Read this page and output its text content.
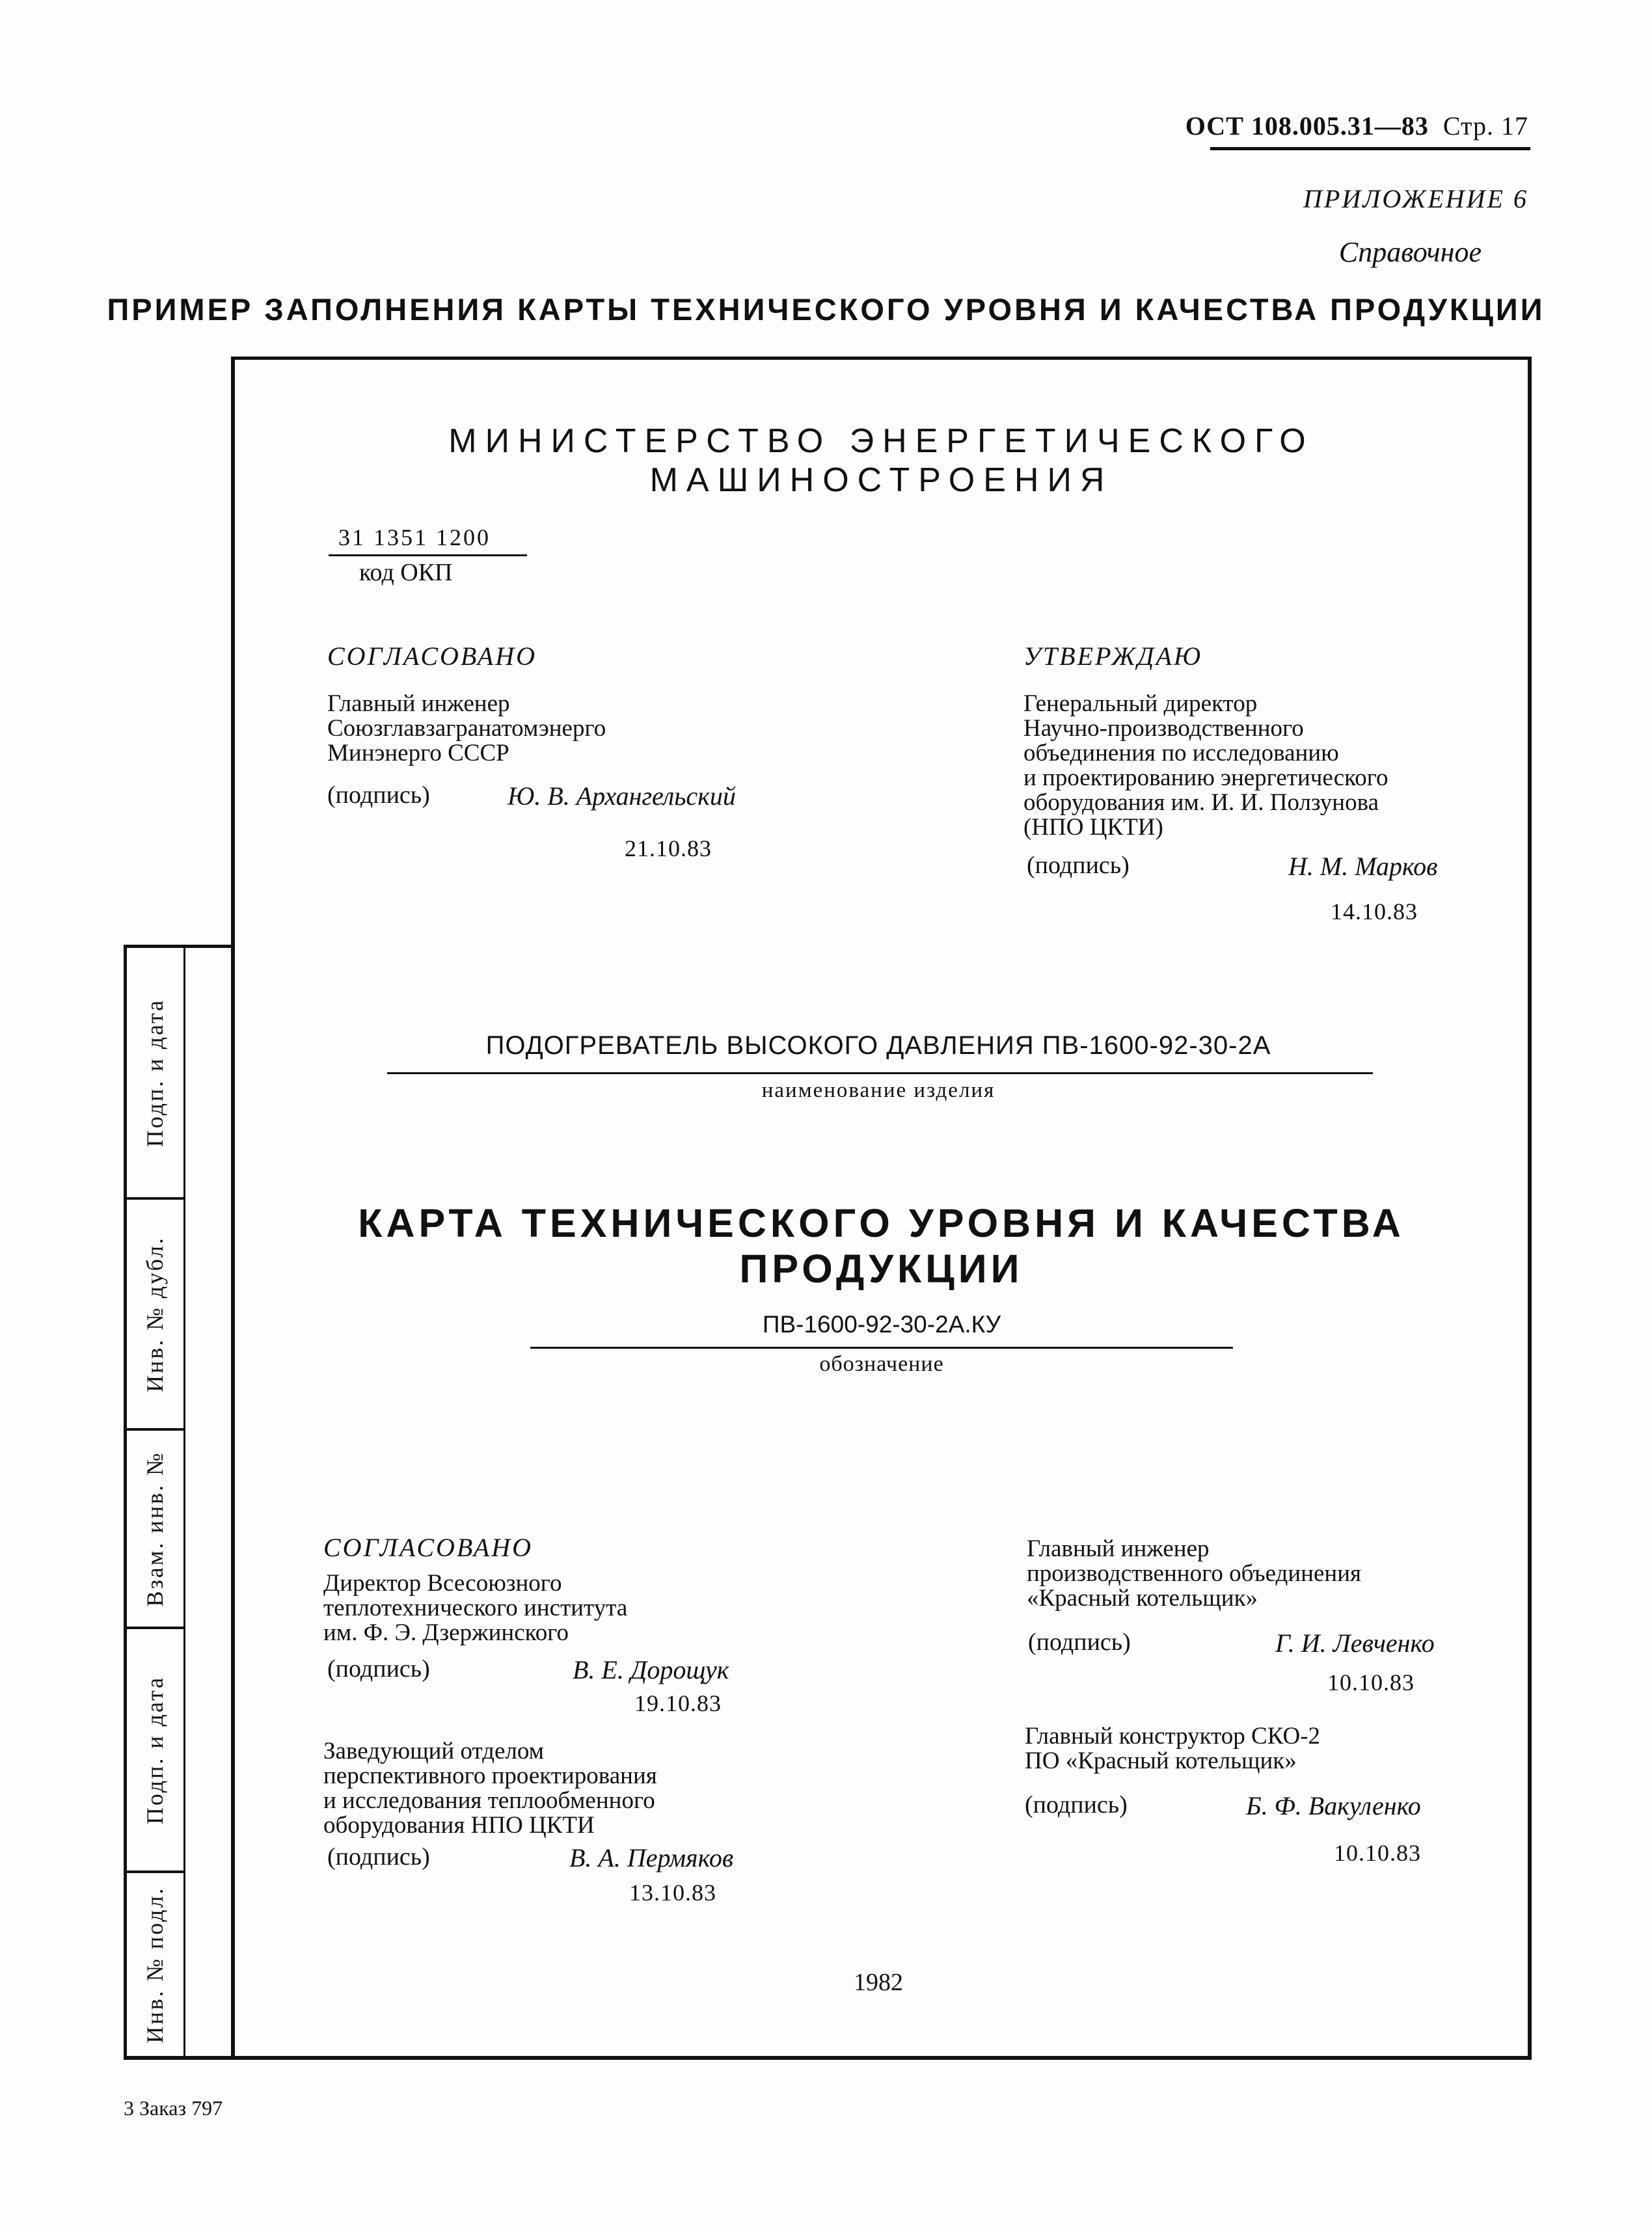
ОСТ 108.005.31—83 Стр. 17
ПРИЛОЖЕНИЕ 6
Справочное
ПРИМЕР ЗАПОЛНЕНИЯ КАРТЫ ТЕХНИЧЕСКОГО УРОВНЯ И КАЧЕСТВА ПРОДУКЦИИ
Подп. и дата
Инв. № дубл.
Взам. инв. №
Подп. и дата
Инв. № подл.
МИНИСТЕРСТВО ЭНЕРГЕТИЧЕСКОГО МАШИНОСТРОЕНИЯ
31 1351 1200
код ОКП
СОГЛАСОВАНО
Главный инженер
Союзглавзагранатомэнерго
Минэнерго СССР
(подпись)	Ю. В. Архангельский
21.10.83
УТВЕРЖДАЮ
Генеральный директор
Научно-производственного
объединения по исследованию
и проектированию энергетического
оборудования им. И. И. Ползунова
(НПО ЦКТИ)
(подпись)	Н. М. Марков
14.10.83
ПОДОГРЕВАТЕЛЬ ВЫСОКОГО ДАВЛЕНИЯ ПВ-1600-92-30-2А
наименование изделия
КАРТА ТЕХНИЧЕСКОГО УРОВНЯ И КАЧЕСТВА ПРОДУКЦИИ
ПВ-1600-92-30-2А.КУ
обозначение
СОГЛАСОВАНО
Директор Всесоюзного
теплотехнического института
им. Ф. Э. Дзержинского
(подпись)	В. Е. Дорощук
19.10.83
Заведующий отделом
перспективного проектирования
и исследования теплообменного
оборудования НПО ЦКТИ
(подпись)	В. А. Пермяков
13.10.83
Главный инженер
производственного объединения
«Красный котельщик»
(подпись)	Г. И. Левченко
10.10.83
Главный конструктор СКО-2
ПО «Красный котельщик»
(подпись)	Б. Ф. Вакуленко
10.10.83
1982
3 Заказ 797
